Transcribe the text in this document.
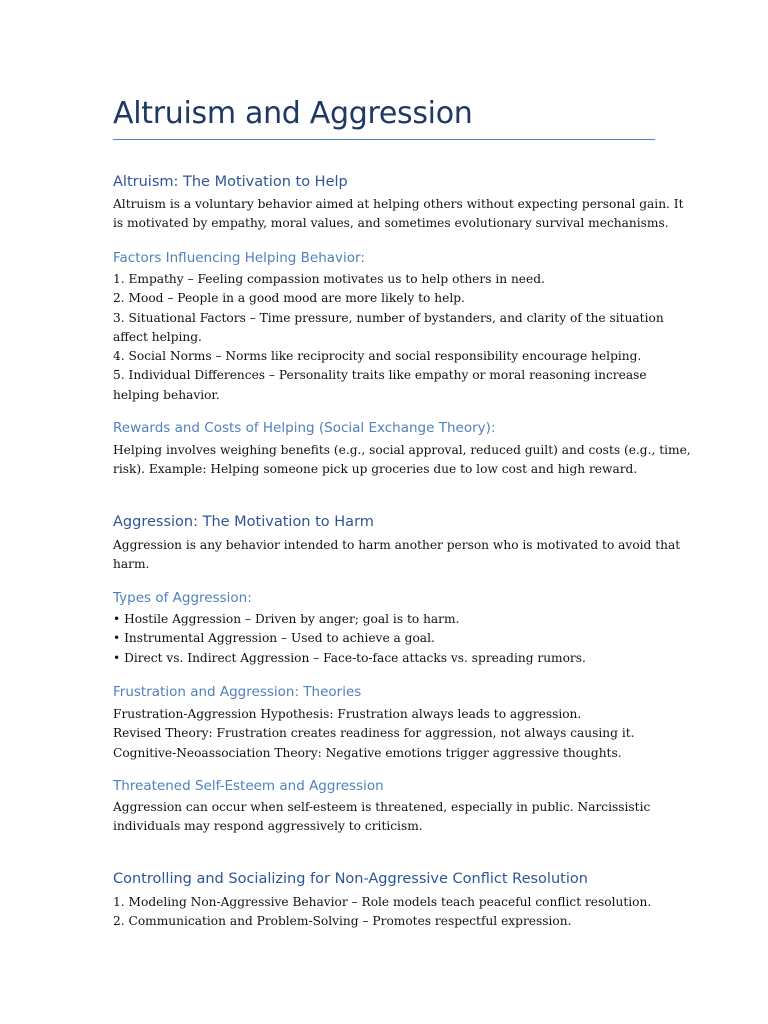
Altruism and Aggression
Altruism: The Motivation to Help

Altruism is a voluntary behavior aimed at helping others without expecting personal gain. It
is motivated by empathy, moral values, and sometimes evolutionary survival mechanisms.

Factors Influencing Helping Behavior:

1. Empathy – Feeling compassion motivates us to help others in need.
2. Mood – People in a good mood are more likely to help.
3. Situational Factors – Time pressure, number of bystanders, and clarity of the situation
affect helping.
4. Social Norms – Norms like reciprocity and social responsibility encourage helping.
5. Individual Differences – Personality traits like empathy or moral reasoning increase
helping behavior.

Rewards and Costs of Helping (Social Exchange Theory):

Helping involves weighing benefits (e.g., social approval, reduced guilt) and costs (e.g., time,
risk). Example: Helping someone pick up groceries due to low cost and high reward.

Aggression: The Motivation to Harm

Aggression is any behavior intended to harm another person who is motivated to avoid that
harm.

Types of Aggression:

• Hostile Aggression – Driven by anger; goal is to harm.
• Instrumental Aggression – Used to achieve a goal.
• Direct vs. Indirect Aggression – Face-to-face attacks vs. spreading rumors.

Frustration and Aggression: Theories

Frustration-Aggression Hypothesis: Frustration always leads to aggression.
Revised Theory: Frustration creates readiness for aggression, not always causing it.
Cognitive-Neoassociation Theory: Negative emotions trigger aggressive thoughts.

Threatened Self-Esteem and Aggression

Aggression can occur when self-esteem is threatened, especially in public. Narcissistic
individuals may respond aggressively to criticism.

Controlling and Socializing for Non-Aggressive Conflict Resolution

1. Modeling Non-Aggressive Behavior – Role models teach peaceful conflict resolution.
2. Communication and Problem-Solving – Promotes respectful expression.
